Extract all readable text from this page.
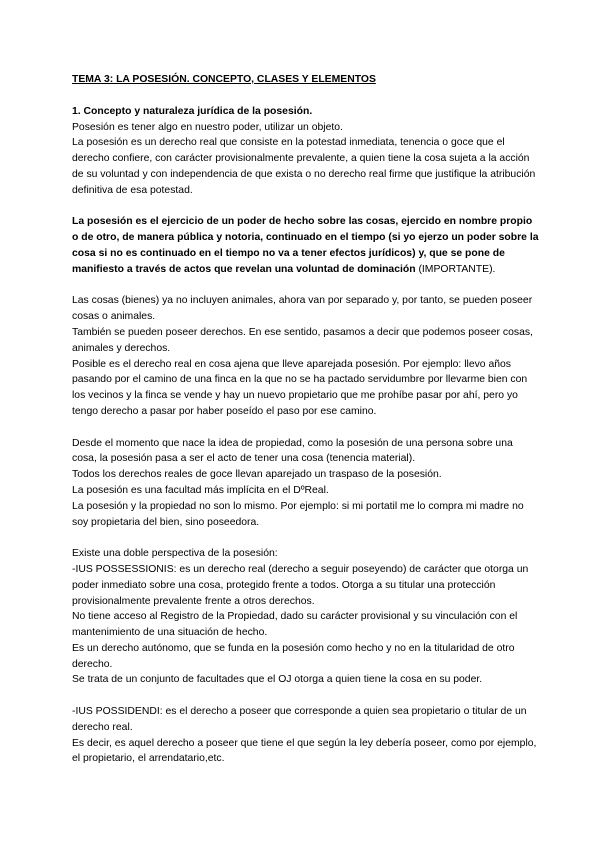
TEMA 3: LA POSESIÓN. CONCEPTO, CLASES Y ELEMENTOS

1. Concepto y naturaleza jurídica de la posesión.

Posesión es tener algo en nuestro poder, utilizar un objeto.

La posesión es un derecho real que consiste en la potestad inmediata, tenencia o goce que el derecho confiere, con carácter provisionalmente prevalente, a quien tiene la cosa sujeta a la acción de su voluntad y con independencia de que exista o no derecho real firme que justifique la atribución definitiva de esa potestad.

La posesión es el ejercicio de un poder de hecho sobre las cosas, ejercido en nombre propio o de otro, de manera pública y notoria, continuado en el tiempo (si yo ejerzo un poder sobre la cosa si no es continuado en el tiempo no va a tener efectos jurídicos) y, que se pone de manifiesto a través de actos que revelan una voluntad de dominación (IMPORTANTE).

Las cosas (bienes) ya no incluyen animales, ahora van por separado y, por tanto, se pueden poseer cosas o animales.

También se pueden poseer derechos. En ese sentido, pasamos a decir que podemos poseer cosas, animales y derechos.

Posible es el derecho real en cosa ajena que lleve aparejada posesión. Por ejemplo: llevo años pasando por el camino de una finca en la que no se ha pactado servidumbre por llevarme bien con los vecinos y la finca se vende y hay un nuevo propietario que me prohíbe pasar por ahí, pero yo tengo derecho a pasar por haber poseído el paso por ese camino.

Desde el momento que nace la idea de propiedad, como la posesión de una persona sobre una cosa, la posesión pasa a ser el acto de tener una cosa (tenencia material).

Todos los derechos reales de goce llevan aparejado un traspaso de la posesión.

La posesión es una facultad más implícita en el DºReal.

La posesión y la propiedad no son lo mismo. Por ejemplo: si mi portatil me lo compra mi madre no soy propietaria del bien, sino poseedora.

Existe una doble perspectiva de la posesión:

-IUS POSSESSIONIS: es un derecho real (derecho a seguir poseyendo) de carácter que otorga un poder inmediato sobre una cosa, protegido frente a todos. Otorga a su titular una protección provisionalmente prevalente frente a otros derechos.

No tiene acceso al Registro de la Propiedad, dado su carácter provisional y su vinculación con el mantenimiento de una situación de hecho.

Es un derecho autónomo, que se funda en la posesión como hecho y no en la titularidad de otro derecho.

Se trata de un conjunto de facultades que el OJ otorga a quien tiene la cosa en su poder.

-IUS POSSIDENDI: es el derecho a poseer que corresponde a quien sea propietario o titular de un derecho real.

Es decir, es aquel derecho a poseer que tiene el que según la ley debería poseer, como por ejemplo, el propietario, el arrendatario,etc.
